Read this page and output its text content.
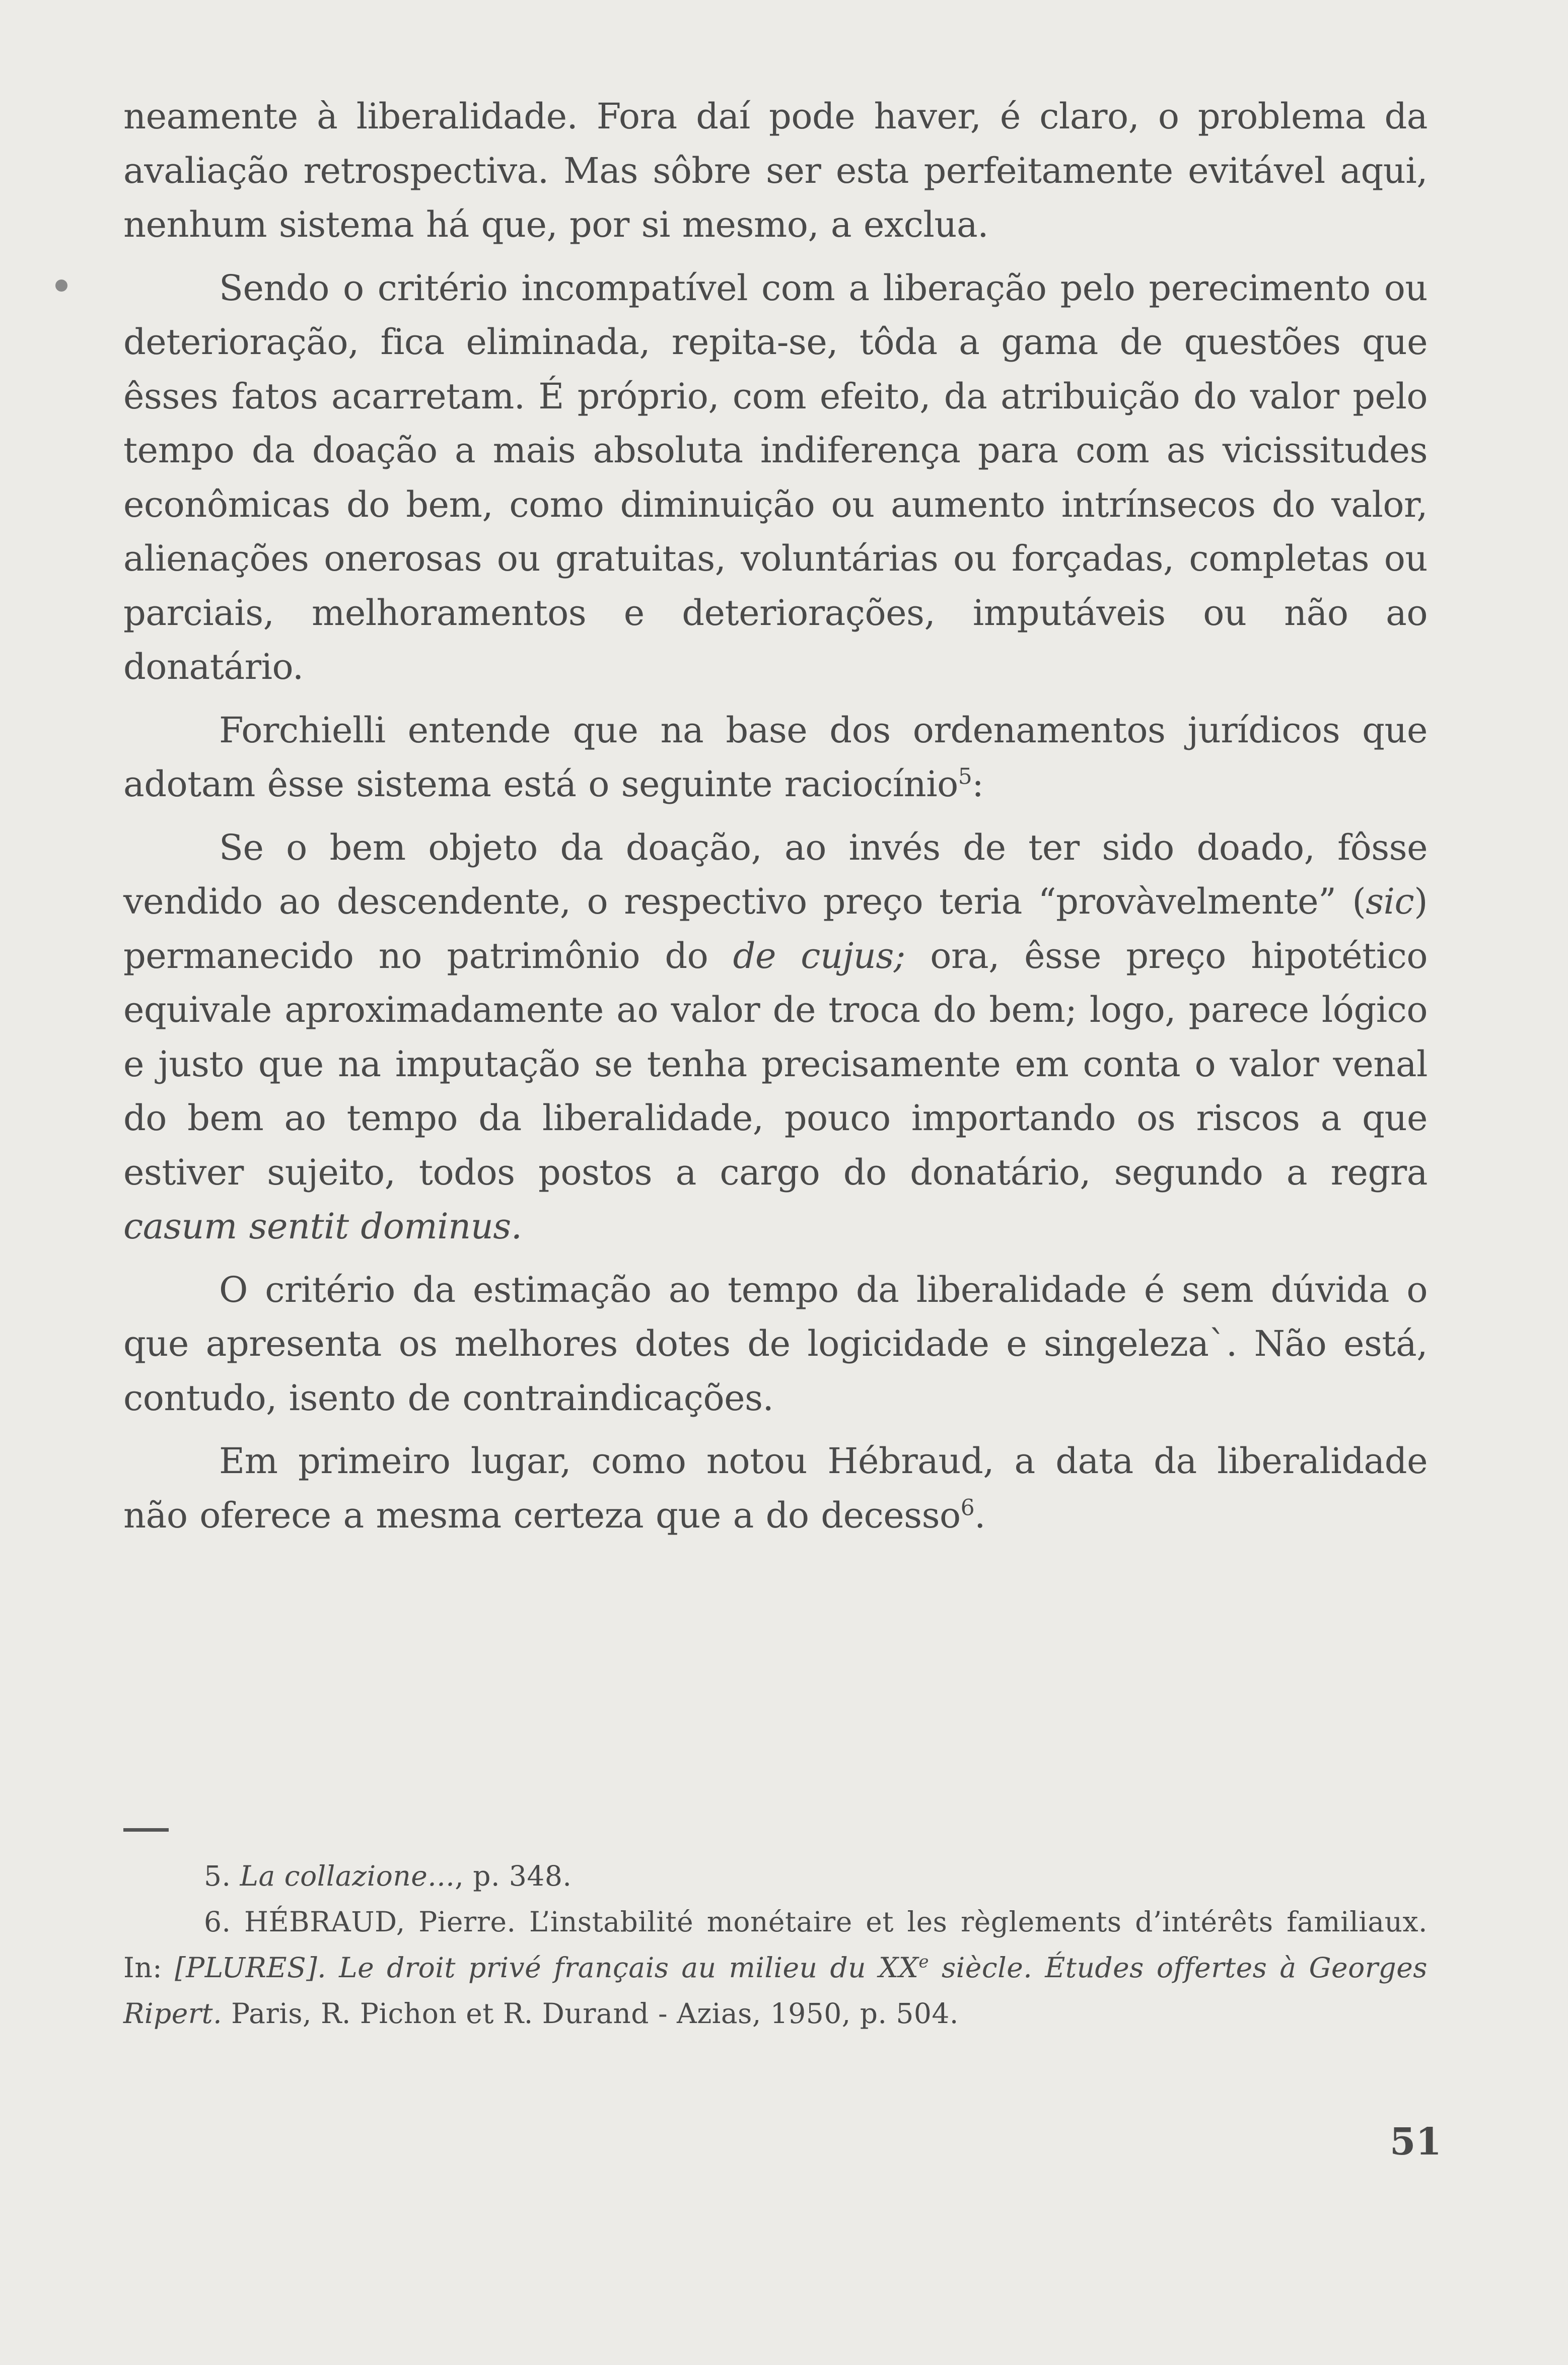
neamente à liberalidade. Fora daí pode haver, é claro, o problema da avaliação retrospectiva. Mas sôbre ser esta perfeitamente evitável aqui, nenhum sistema há que, por si mesmo, a exclua.

Sendo o critério incompatível com a liberação pelo perecimento ou deterioração, fica eliminada, repita-se, tôda a gama de questões que êsses fatos acarretam. É próprio, com efeito, da atribuição do valor pelo tempo da doação a mais absoluta indiferença para com as vicissitudes econômicas do bem, como diminuição ou aumento intrínsecos do valor, alienações onerosas ou gratuitas, voluntárias ou forçadas, completas ou parciais, melhoramentos e deteriorações, imputáveis ou não ao donatário.

Forchielli entende que na base dos ordenamentos jurídicos que adotam êsse sistema está o seguinte raciocínio$^5$:

Se o bem objeto da doação, ao invés de ter sido doado, fôsse vendido ao descendente, o respectivo preço teria “provàvelmente” (sic) permanecido no patrimônio do de cujus; ora, êsse preço hipotético equivale aproximadamente ao valor de troca do bem; logo, parece lógico e justo que na imputação se tenha precisamente em conta o valor venal do bem ao tempo da liberalidade, pouco importando os riscos a que estiver sujeito, todos postos a cargo do donatário, segundo a regra casum sentit dominus.

O critério da estimação ao tempo da liberalidade é sem dúvida o que apresenta os melhores dotes de logicidade e singeleza`. Não está, contudo, isento de contraindicações.

Em primeiro lugar, como notou Hébraud, a data da liberalidade não oferece a mesma certeza que a do decesso$^6$.

5. La collazione..., p. 348.

6. HÉBRAUD, Pierre. L’instabilité monétaire et les règlements d’intérêts familiaux. In: [PLURES]. Le droit privé français au milieu du XXe siècle. Études offertes à Georges Ripert. Paris, R. Pichon et R. Durand - Azias, 1950, p. 504.

51
